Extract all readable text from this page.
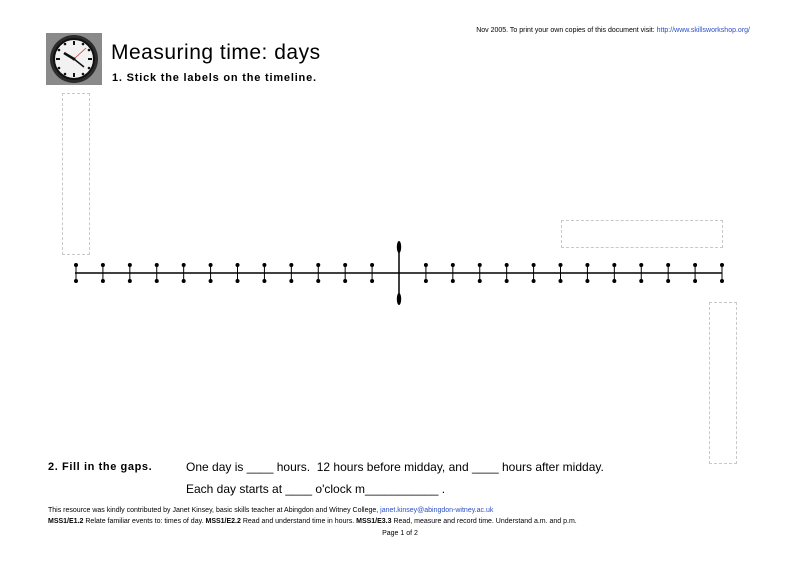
Nov 2005. To print your own copies of this document visit: http://www.skillsworkshop.org/
Measuring time: days
1. Stick the labels on the timeline.
2. Fill in the gaps.	One day is ____ hours.  12 hours before midday, and ____ hours after midday.
Each day starts at ____ o'clock m___________ .
This resource was kindly contributed by Janet Kinsey, basic skills teacher at Abingdon and Witney College, janet.kinsey@abingdon-witney.ac.uk
MSS1/E1.2 Relate familiar events to: times of day. MSS1/E2.2 Read and understand time in hours. MSS1/E3.3 Read, measure and record time. Understand a.m. and p.m.
Page 1 of 2
